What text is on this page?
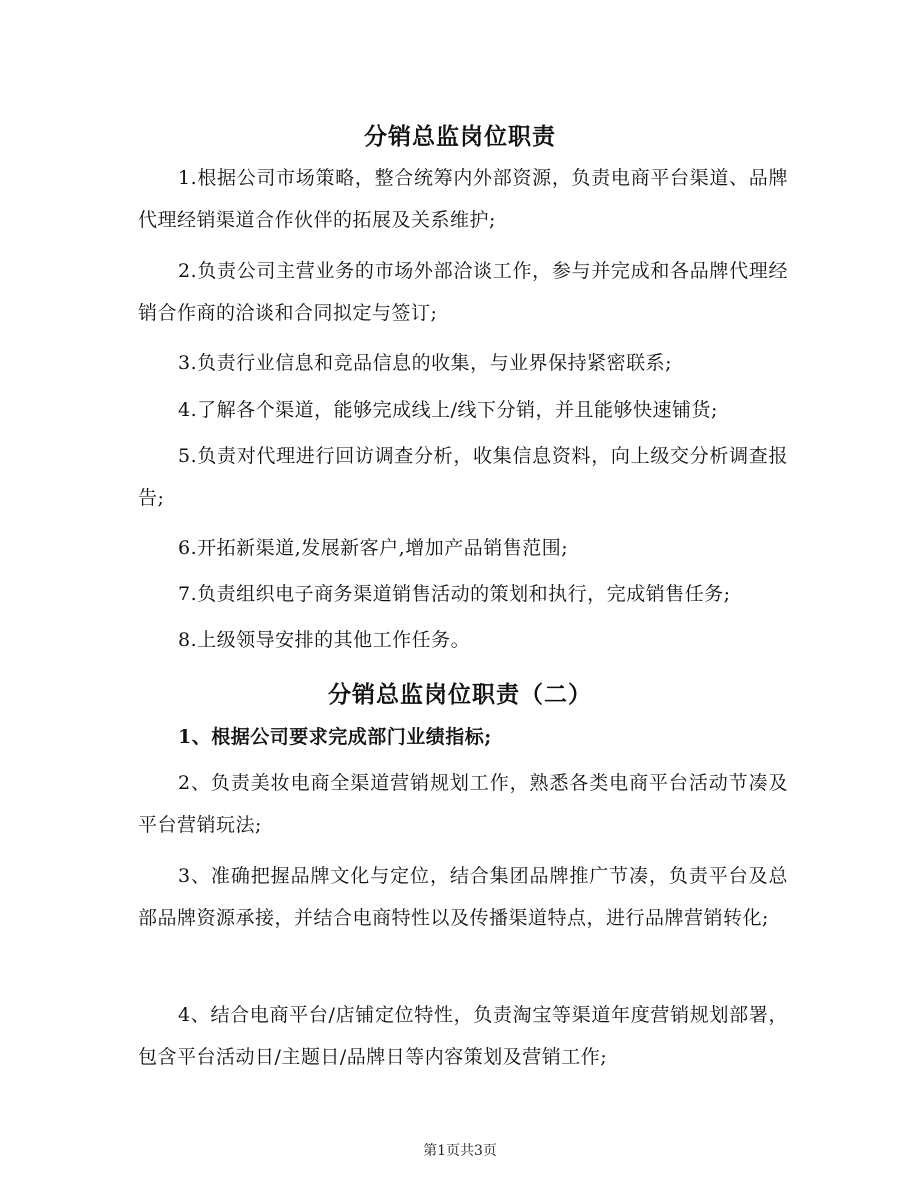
分销总监岗位职责

1.根据公司市场策略，整合统筹内外部资源，负责电商平台渠道、品牌代理经销渠道合作伙伴的拓展及关系维护;

2.负责公司主营业务的市场外部洽谈工作，参与并完成和各品牌代理经销合作商的洽谈和合同拟定与签订;

3.负责行业信息和竞品信息的收集，与业界保持紧密联系;

4.了解各个渠道，能够完成线上/线下分销，并且能够快速铺货;

5.负责对代理进行回访调查分析，收集信息资料，向上级交分析调查报告;

6.开拓新渠道,发展新客户,增加产品销售范围;

7.负责组织电子商务渠道销售活动的策划和执行，完成销售任务;

8.上级领导安排的其他工作任务。

分销总监岗位职责（二）

1、根据公司要求完成部门业绩指标;

2、负责美妆电商全渠道营销规划工作，熟悉各类电商平台活动节凑及平台营销玩法;

3、准确把握品牌文化与定位，结合集团品牌推广节凑，负责平台及总部品牌资源承接，并结合电商特性以及传播渠道特点，进行品牌营销转化;

4、结合电商平台/店铺定位特性，负责淘宝等渠道年度营销规划部署，包含平台活动日/主题日/品牌日等内容策划及营销工作;

第1页共3页
